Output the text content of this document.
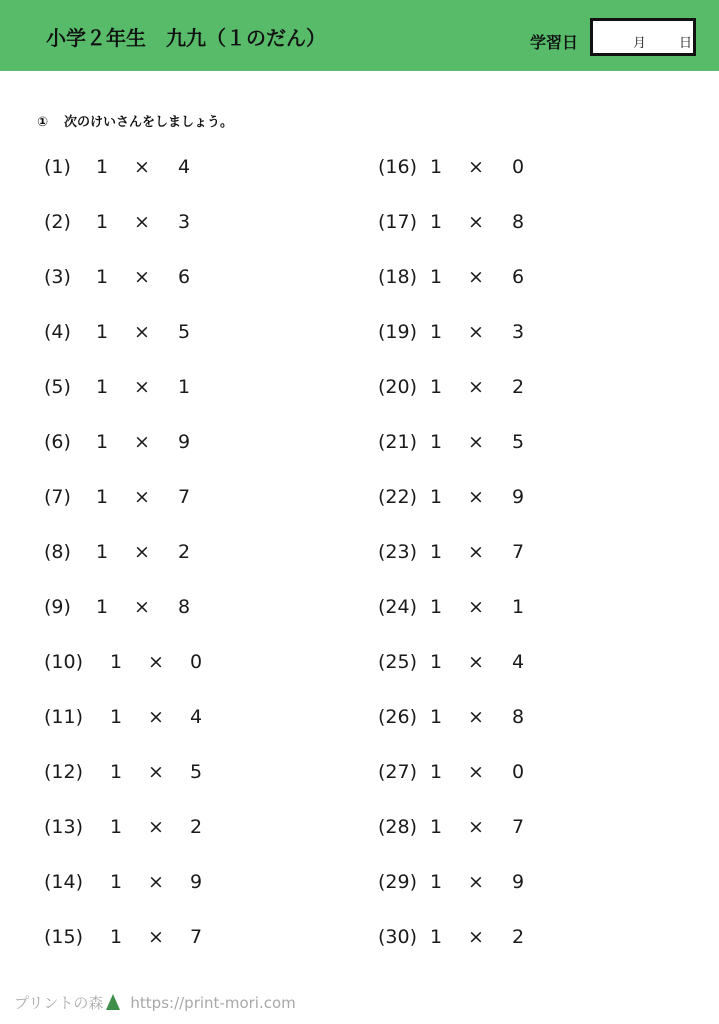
小学２年生　九九（１のだん）	学習日	月	日
① 次のけいさんをしましょう。
(1) 1 × 4
(2) 1 × 3
(3) 1 × 6
(4) 1 × 5
(5) 1 × 1
(6) 1 × 9
(7) 1 × 7
(8) 1 × 2
(9) 1 × 8
(10) 1 × 0
(11) 1 × 4
(12) 1 × 5
(13) 1 × 2
(14) 1 × 9
(15) 1 × 7
(16) 1 × 0
(17) 1 × 8
(18) 1 × 6
(19) 1 × 3
(20) 1 × 2
(21) 1 × 5
(22) 1 × 9
(23) 1 × 7
(24) 1 × 1
(25) 1 × 4
(26) 1 × 8
(27) 1 × 0
(28) 1 × 7
(29) 1 × 9
(30) 1 × 2
プリントの森 https://print-mori.com
